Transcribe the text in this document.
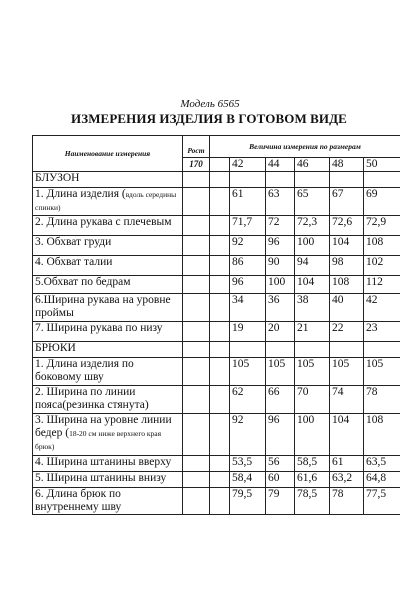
Модель 6565
ИЗМЕРЕНИЯ ИЗДЕЛИЯ В ГОТОВОМ ВИДЕ
Наименование измерения	Рост	Величина измерения по размерам					
	170		42	44	46	48	50
БЛУЗОН							
1. Длина изделия (вдоль середины спинки)			61	63	65	67	69
2. Длина рукава с плечевым			71,7	72	72,3	72,6	72,9
3. Обхват груди			92	96	100	104	108
4. Обхват талии			86	90	94	98	102
5.Обхват по бедрам			96	100	104	108	112
6.Ширина рукава на уровне проймы			34	36	38	40	42
7. Ширина рукава по низу			19	20	21	22	23
БРЮКИ							
1. Длина изделия по боковому шву			105	105	105	105	105
2. Ширина по линии пояса(резинка стянута)			62	66	70	74	78
3. Ширина на уровне линии бедер (18-20 см ниже верхнего края брюк)			92	96	100	104	108
4. Ширина штанины вверху			53,5	56	58,5	61	63,5
5. Ширина штанины внизу			58,4	60	61,6	63,2	64,8
6. Длина брюк по внутреннему шву			79,5	79	78,5	78	77,5
